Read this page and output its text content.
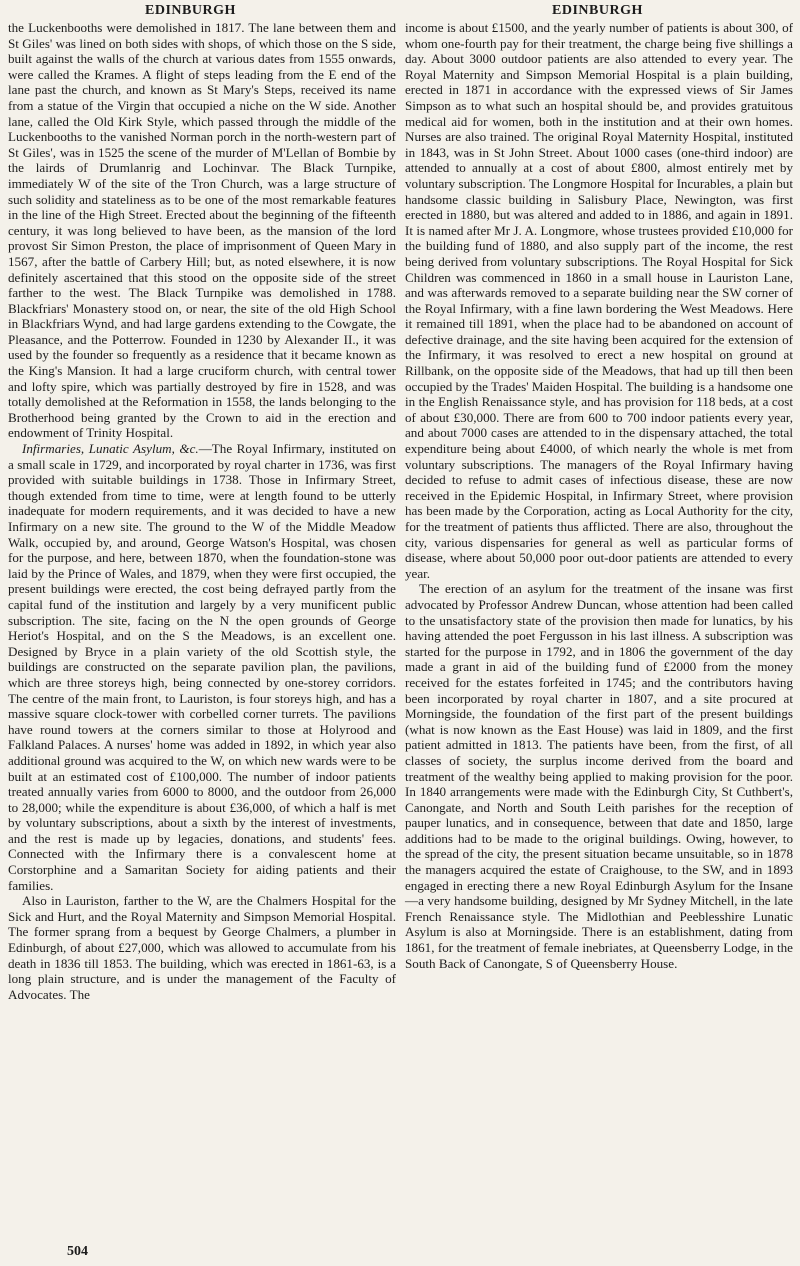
EDINBURGH	EDINBURGH

the Luckenbooths were demolished in 1817. The lane between them and St Giles' was lined on both sides with shops, of which those on the S side, built against the walls of the church at various dates from 1555 onwards, were called the Krames. A flight of steps leading from the E end of the lane past the church, and known as St Mary's Steps, received its name from a statue of the Virgin that occupied a niche on the W side. Another lane, called the Old Kirk Style, which passed through the middle of the Luckenbooths to the vanished Norman porch in the north-western part of St Giles', was in 1525 the scene of the murder of M'Lellan of Bombie by the lairds of Drumlanrig and Lochinvar. The Black Turnpike, immediately W of the site of the Tron Church, was a large structure of such solidity and stateliness as to be one of the most remarkable features in the line of the High Street. Erected about the beginning of the fifteenth century, it was long believed to have been, as the mansion of the lord provost Sir Simon Preston, the place of imprisonment of Queen Mary in 1567, after the battle of Carbery Hill; but, as noted elsewhere, it is now definitely ascertained that this stood on the opposite side of the street farther to the west. The Black Turnpike was demolished in 1788. Blackfriars' Monastery stood on, or near, the site of the old High School in Blackfriars Wynd, and had large gardens extending to the Cowgate, the Pleasance, and the Potterrow. Founded in 1230 by Alexander II., it was used by the founder so frequently as a residence that it became known as the King's Mansion. It had a large cruciform church, with central tower and lofty spire, which was partially destroyed by fire in 1528, and was totally demolished at the Reformation in 1558, the lands belonging to the Brotherhood being granted by the Crown to aid in the erection and endowment of Trinity Hospital.

Infirmaries, Lunatic Asylum, &c.—The Royal Infirmary, instituted on a small scale in 1729, and incorporated by royal charter in 1736, was first provided with suitable buildings in 1738. Those in Infirmary Street, though extended from time to time, were at length found to be utterly inadequate for modern requirements, and it was decided to have a new Infirmary on a new site. The ground to the W of the Middle Meadow Walk, occupied by, and around, George Watson's Hospital, was chosen for the purpose, and here, between 1870, when the foundation-stone was laid by the Prince of Wales, and 1879, when they were first occupied, the present buildings were erected, the cost being defrayed partly from the capital fund of the institution and largely by a very munificent public subscription. The site, facing on the N the open grounds of George Heriot's Hospital, and on the S the Meadows, is an excellent one. Designed by Bryce in a plain variety of the old Scottish style, the buildings are constructed on the separate pavilion plan, the pavilions, which are three storeys high, being connected by one-storey corridors. The centre of the main front, to Lauriston, is four storeys high, and has a massive square clock-tower with corbelled corner turrets. The pavilions have round towers at the corners similar to those at Holyrood and Falkland Palaces. A nurses' home was added in 1892, in which year also additional ground was acquired to the W, on which new wards were to be built at an estimated cost of £100,000. The number of indoor patients treated annually varies from 6000 to 8000, and the outdoor from 26,000 to 28,000; while the expenditure is about £36,000, of which a half is met by voluntary subscriptions, about a sixth by the interest of investments, and the rest is made up by legacies, donations, and students' fees. Connected with the Infirmary there is a convalescent home at Corstorphine and a Samaritan Society for aiding patients and their families.

Also in Lauriston, farther to the W, are the Chalmers Hospital for the Sick and Hurt, and the Royal Maternity and Simpson Memorial Hospital. The former sprang from a bequest by George Chalmers, a plumber in Edinburgh, of about £27,000, which was allowed to accumulate from his death in 1836 till 1853. The building, which was erected in 1861-63, is a long plain structure, and is under the management of the Faculty of Advocates. The

income is about £1500, and the yearly number of patients is about 300, of whom one-fourth pay for their treatment, the charge being five shillings a day. About 3000 outdoor patients are also attended to every year. The Royal Maternity and Simpson Memorial Hospital is a plain building, erected in 1871 in accordance with the expressed views of Sir James Simpson as to what such an hospital should be, and provides gratuitous medical aid for women, both in the institution and at their own homes. Nurses are also trained. The original Royal Maternity Hospital, instituted in 1843, was in St John Street. About 1000 cases (one-third indoor) are attended to annually at a cost of about £800, almost entirely met by voluntary subscription. The Longmore Hospital for Incurables, a plain but handsome classic building in Salisbury Place, Newington, was first erected in 1880, but was altered and added to in 1886, and again in 1891. It is named after Mr J. A. Longmore, whose trustees provided £10,000 for the building fund of 1880, and also supply part of the income, the rest being derived from voluntary subscriptions. The Royal Hospital for Sick Children was commenced in 1860 in a small house in Lauriston Lane, and was afterwards removed to a separate building near the SW corner of the Royal Infirmary, with a fine lawn bordering the West Meadows. Here it remained till 1891, when the place had to be abandoned on account of defective drainage, and the site having been acquired for the extension of the Infirmary, it was resolved to erect a new hospital on ground at Rillbank, on the opposite side of the Meadows, that had up till then been occupied by the Trades' Maiden Hospital. The building is a handsome one in the English Renaissance style, and has provision for 118 beds, at a cost of about £30,000. There are from 600 to 700 indoor patients every year, and about 7000 cases are attended to in the dispensary attached, the total expenditure being about £4000, of which nearly the whole is met from voluntary subscriptions. The managers of the Royal Infirmary having decided to refuse to admit cases of infectious disease, these are now received in the Epidemic Hospital, in Infirmary Street, where provision has been made by the Corporation, acting as Local Authority for the city, for the treatment of patients thus afflicted. There are also, throughout the city, various dispensaries for general as well as particular forms of disease, where about 50,000 poor out-door patients are attended to every year.

The erection of an asylum for the treatment of the insane was first advocated by Professor Andrew Duncan, whose attention had been called to the unsatisfactory state of the provision then made for lunatics, by his having attended the poet Fergusson in his last illness. A subscription was started for the purpose in 1792, and in 1806 the government of the day made a grant in aid of the building fund of £2000 from the money received for the estates forfeited in 1745; and the contributors having been incorporated by royal charter in 1807, and a site procured at Morningside, the foundation of the first part of the present buildings (what is now known as the East House) was laid in 1809, and the first patient admitted in 1813. The patients have been, from the first, of all classes of society, the surplus income derived from the board and treatment of the wealthy being applied to making provision for the poor. In 1840 arrangements were made with the Edinburgh City, St Cuthbert's, Canongate, and North and South Leith parishes for the reception of pauper lunatics, and in consequence, between that date and 1850, large additions had to be made to the original buildings. Owing, however, to the spread of the city, the present situation became unsuitable, so in 1878 the managers acquired the estate of Craighouse, to the SW, and in 1893 engaged in erecting there a new Royal Edinburgh Asylum for the Insane—a very handsome building, designed by Mr Sydney Mitchell, in the late French Renaissance style. The Midlothian and Peeblesshire Lunatic Asylum is also at Morningside. There is an establishment, dating from 1861, for the treatment of female inebriates, at Queensberry Lodge, in the South Back of Canongate, S of Queensberry House.

504
